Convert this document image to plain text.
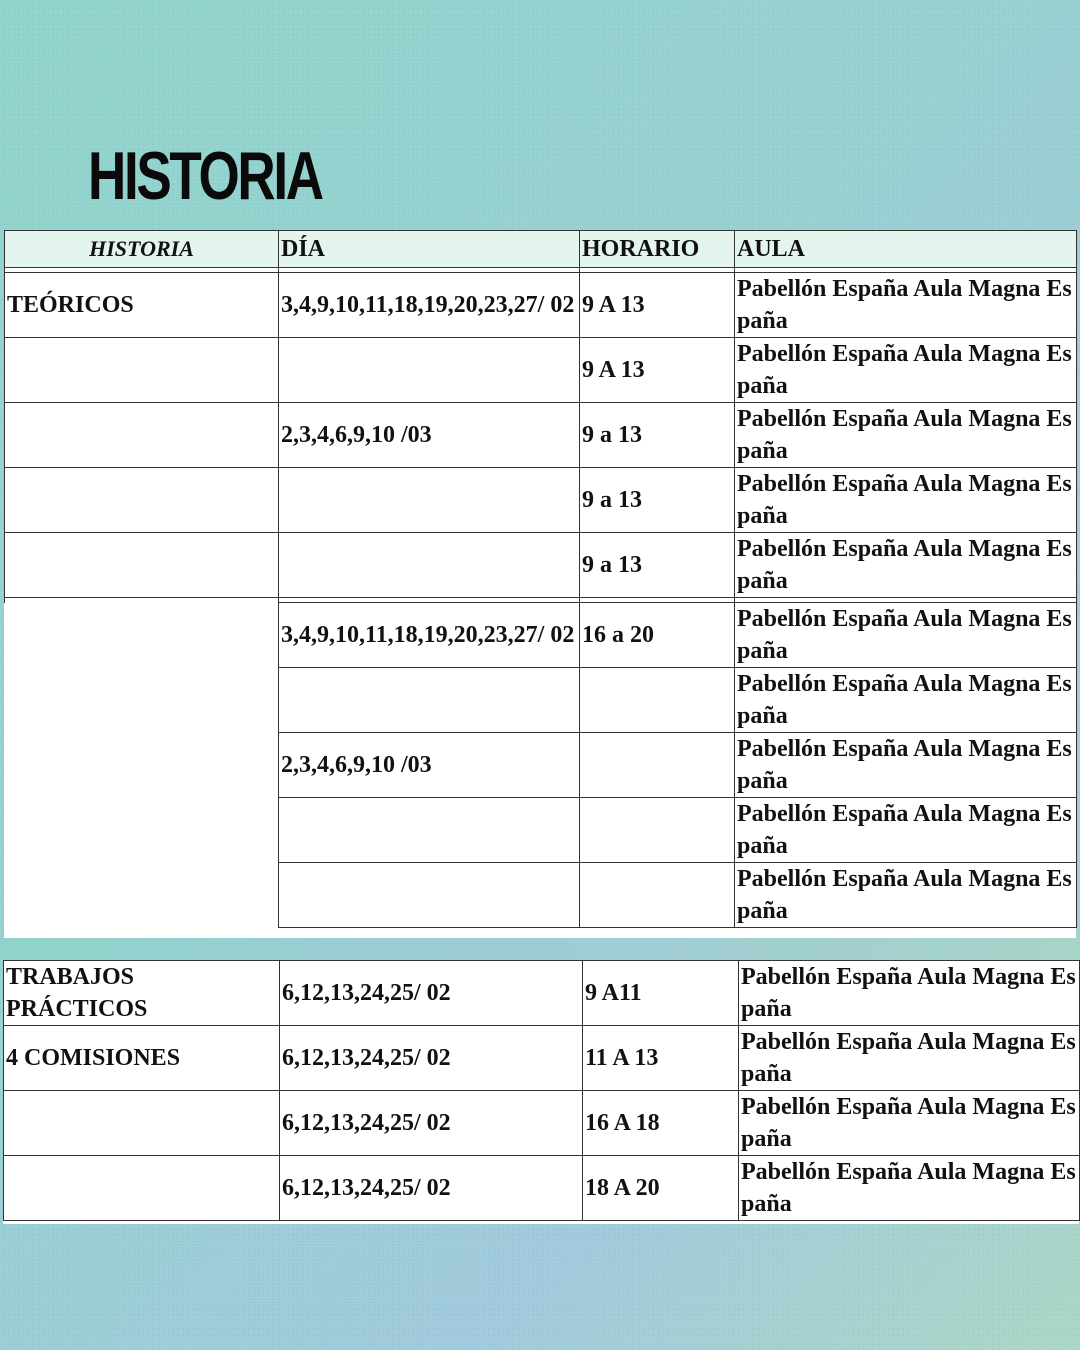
HISTORIA
HISTORIA	DÍA	HORARIO	AULA

TEÓRICOS	3,4,9,10,11,18,19,20,23,27/ 02	9 A 13	Pabellón España Aula Magna España
		9 A 13	Pabellón España Aula Magna España
	2,3,4,6,9,10 /03	9 a 13	Pabellón España Aula Magna España
		9 a 13	Pabellón España Aula Magna España
		9 a 13	Pabellón España Aula Magna España

	3,4,9,10,11,18,19,20,23,27/ 02	16 a 20	Pabellón España Aula Magna España
			Pabellón España Aula Magna España
	2,3,4,6,9,10 /03		Pabellón España Aula Magna España
			Pabellón España Aula Magna España
			Pabellón España Aula Magna España
TRABAJOS PRÁCTICOS	6,12,13,24,25/ 02	9 A11	Pabellón España Aula Magna España
4 COMISIONES	6,12,13,24,25/ 02	11 A 13	Pabellón España Aula Magna España
	6,12,13,24,25/ 02	16 A 18	Pabellón España Aula Magna España
	6,12,13,24,25/ 02	18 A 20	Pabellón España Aula Magna España
